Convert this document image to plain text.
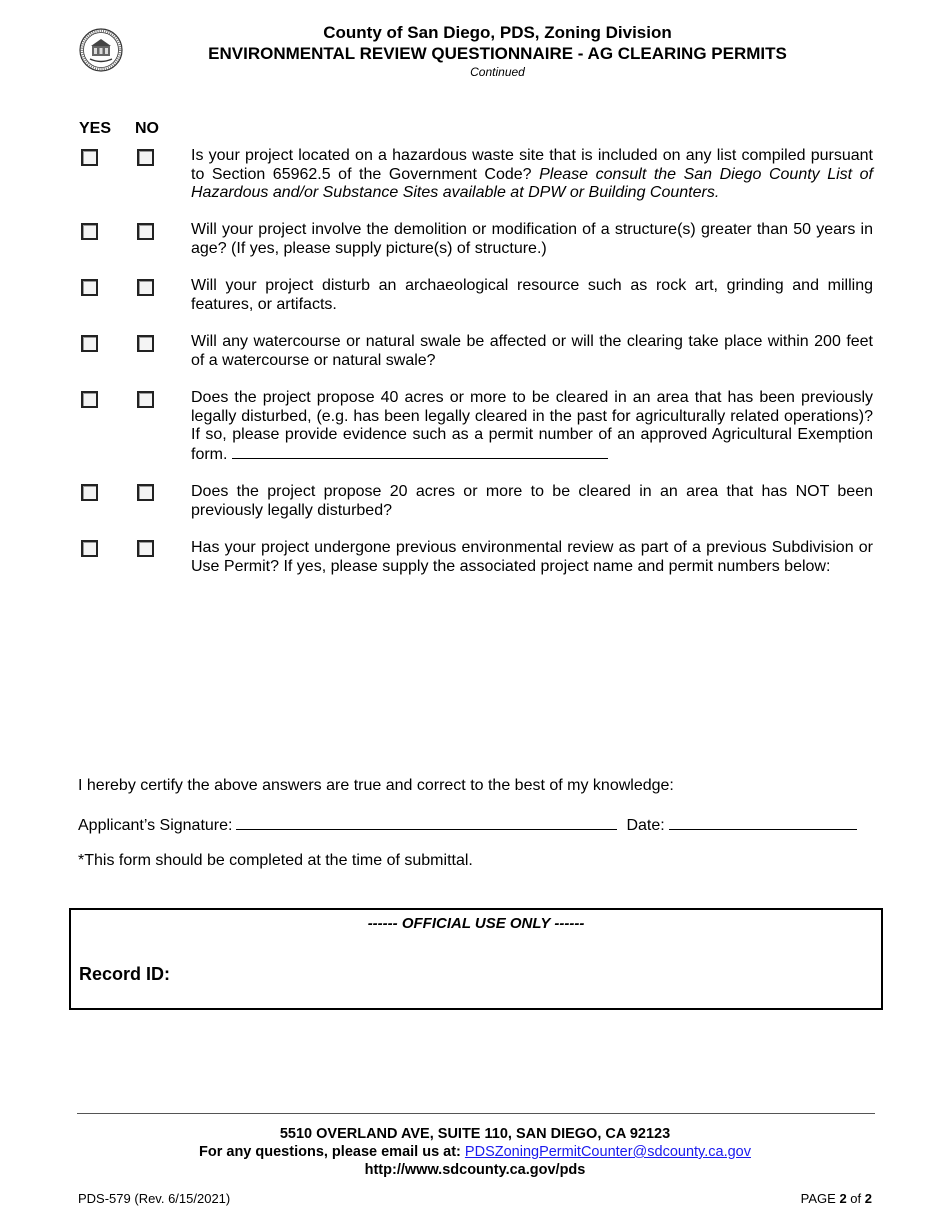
County of San Diego, PDS, Zoning Division
ENVIRONMENTAL REVIEW QUESTIONNAIRE - AG CLEARING PERMITS
Continued
YES NO
Is your project located on a hazardous waste site that is included on any list compiled pursuant to Section 65962.5 of the Government Code? Please consult the San Diego County List of Hazardous and/or Substance Sites available at DPW or Building Counters.
Will your project involve the demolition or modification of a structure(s) greater than 50 years in age? (If yes, please supply picture(s) of structure.)
Will your project disturb an archaeological resource such as rock art, grinding and milling features, or artifacts.
Will any watercourse or natural swale be affected or will the clearing take place within 200 feet of a watercourse or natural swale?
Does the project propose 40 acres or more to be cleared in an area that has been previously legally disturbed, (e.g. has been legally cleared in the past for agriculturally related operations)? If so, please provide evidence such as a permit number of an approved Agricultural Exemption form.
Does the project propose 20 acres or more to be cleared in an area that has NOT been previously legally disturbed?
Has your project undergone previous environmental review as part of a previous Subdivision or Use Permit? If yes, please supply the associated project name and permit numbers below:
I hereby certify the above answers are true and correct to the best of my knowledge:
Applicant’s Signature:	Date:
*This form should be completed at the time of submittal.
------ OFFICIAL USE ONLY ------
Record ID:
5510 OVERLAND AVE, SUITE 110, SAN DIEGO, CA 92123
For any questions, please email us at: PDSZoningPermitCounter@sdcounty.ca.gov
http://www.sdcounty.ca.gov/pds
PDS-579 (Rev. 6/15/2021)	PAGE 2 of 2
